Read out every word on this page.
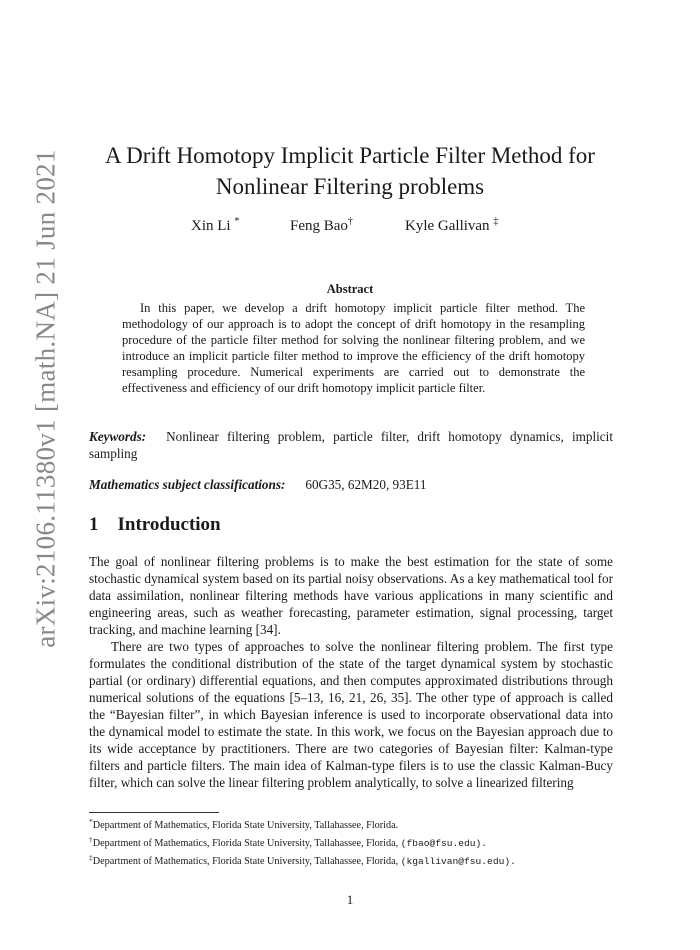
arXiv:2106.11380v1 [math.NA] 21 Jun 2021	A Drift Homotopy Implicit Particle Filter Method for
Nonlinear Filtering problems
Xin Li *	Feng Bao†	Kyle Gallivan ‡
Abstract
In this paper, we develop a drift homotopy implicit particle filter method. The methodology of our approach is to adopt the concept of drift homotopy in the resampling procedure of the particle filter method for solving the nonlinear filtering problem, and we introduce an implicit particle filter method to improve the efficiency of the drift homotopy resampling procedure. Numerical experiments are carried out to demonstrate the effectiveness and efficiency of our drift homotopy implicit particle filter.
Keywords: Nonlinear filtering problem, particle filter, drift homotopy dynamics, implicit sampling
Mathematics subject classifications: 60G35, 62M20, 93E11
1 Introduction
The goal of nonlinear filtering problems is to make the best estimation for the state of some stochastic dynamical system based on its partial noisy observations. As a key mathematical tool for data assimilation, nonlinear filtering methods have various applications in many scientific and engineering areas, such as weather forecasting, parameter estimation, signal processing, target tracking, and machine learning [34].
There are two types of approaches to solve the nonlinear filtering problem. The first type formulates the conditional distribution of the state of the target dynamical system by stochastic partial (or ordinary) differential equations, and then computes approximated distributions through numerical solutions of the equations [5–13, 16, 21, 26, 35]. The other type of approach is called the “Bayesian filter”, in which Bayesian inference is used to incorporate observational data into the dynamical model to estimate the state. In this work, we focus on the Bayesian approach due to its wide acceptance by practitioners. There are two categories of Bayesian filter: Kalman-type filters and particle filters. The main idea of Kalman-type filers is to use the classic Kalman-Bucy filter, which can solve the linear filtering problem analytically, to solve a linearized filtering
*Department of Mathematics, Florida State University, Tallahassee, Florida.
†Department of Mathematics, Florida State University, Tallahassee, Florida, (fbao@fsu.edu).
‡Department of Mathematics, Florida State University, Tallahassee, Florida, (kgallivan@fsu.edu).
1
